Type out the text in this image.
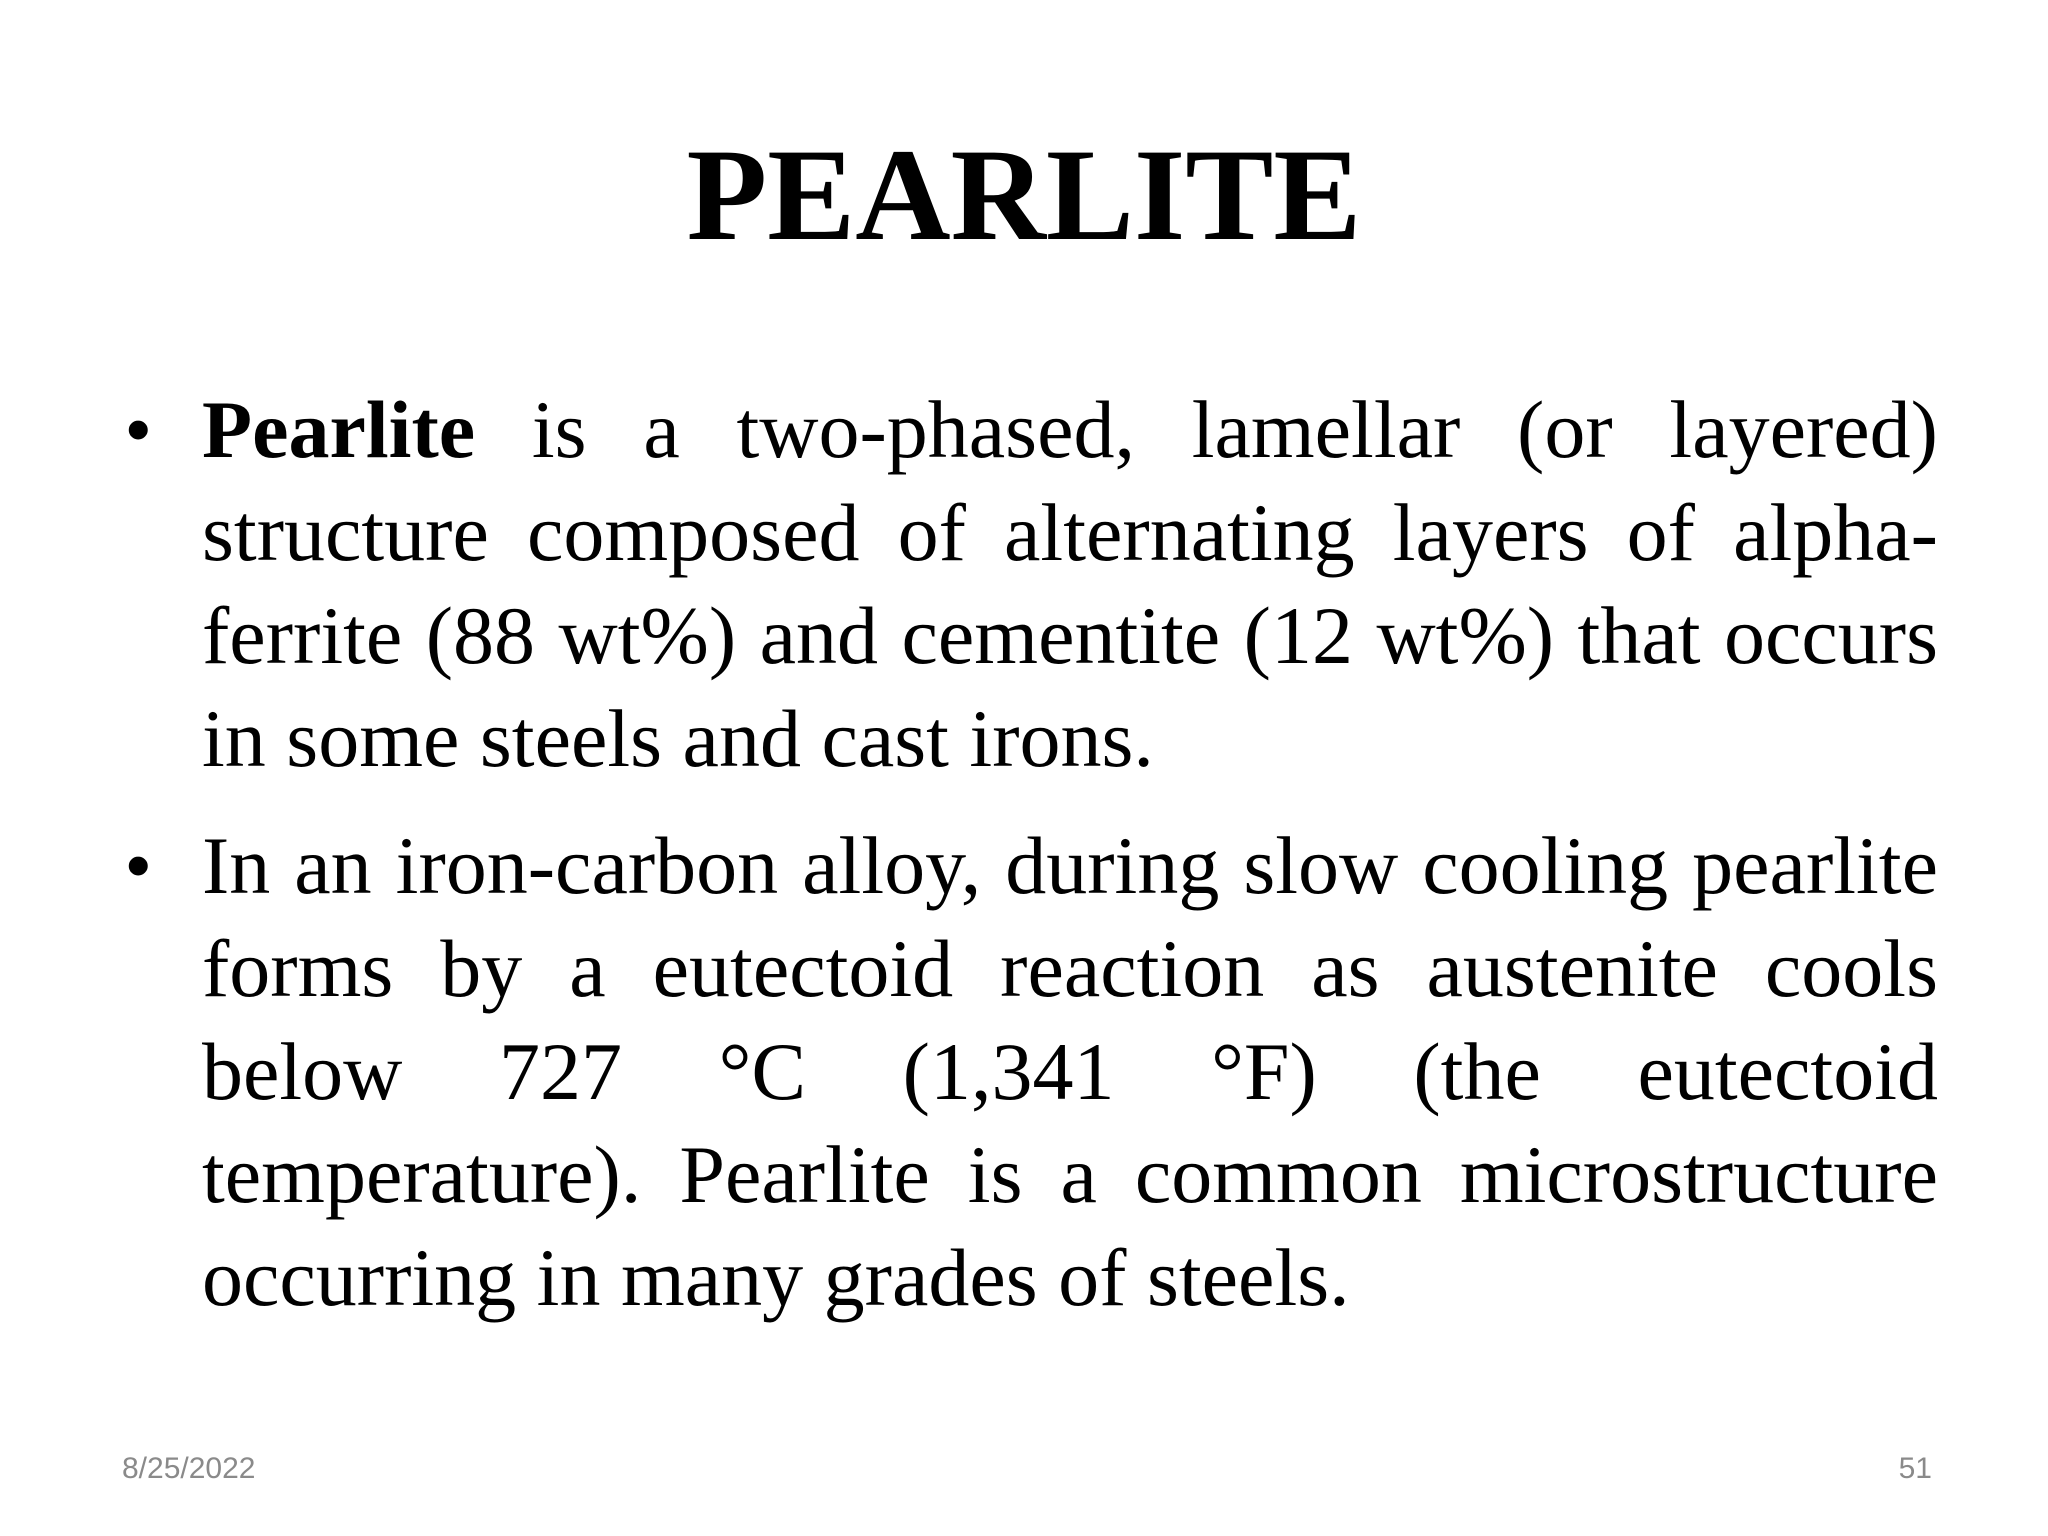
PEARLITE

• Pearlite is a two-phased, lamellar (or layered) structure composed of alternating layers of alpha-ferrite (88 wt%) and cementite (12 wt%) that occurs in some steels and cast irons.

• In an iron-carbon alloy, during slow cooling pearlite forms by a eutectoid reaction as austenite cools below 727 °C (1,341 °F) (the eutectoid temperature). Pearlite is a common microstructure occurring in many grades of steels.

8/25/2022	51
